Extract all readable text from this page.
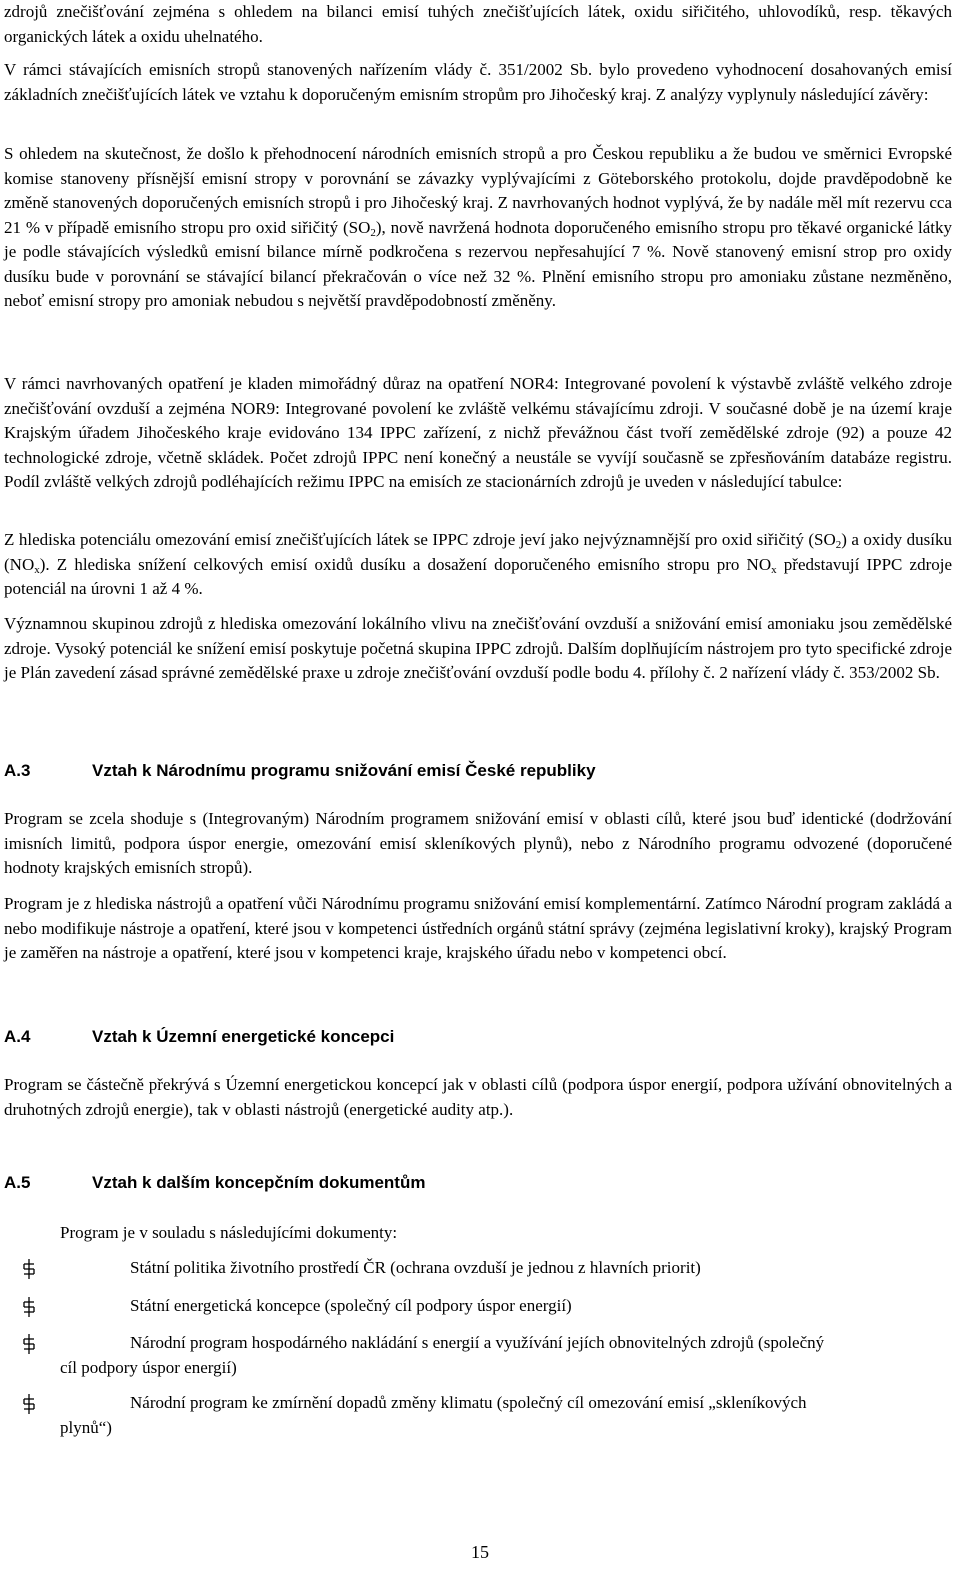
zdrojů znečišťování zejména s ohledem na bilanci emisí tuhých znečišťujících látek, oxidu siřičitého, uhlovodíků, resp. těkavých organických látek a oxidu uhelnatého.

V rámci stávajících emisních stropů stanovených nařízením vlády č. 351/2002 Sb. bylo provedeno vyhodnocení dosahovaných emisí základních znečišťujících látek ve vztahu k doporučeným emisním stropům pro Jihočeský kraj. Z analýzy vyplynuly následující závěry:

S ohledem na skutečnost, že došlo k přehodnocení národních emisních stropů a pro Českou republiku a že budou ve směrnici Evropské komise stanoveny přísnější emisní stropy v porovnání se závazky vyplývajícími z Göteborského protokolu, dojde pravděpodobně ke změně stanovených doporučených emisních stropů i pro Jihočeský kraj. Z navrhovaných hodnot vyplývá, že by nadále měl mít rezervu cca 21 % v případě emisního stropu pro oxid siřičitý $(SO_2)$, nově navržená hodnota doporučeného emisního stropu pro těkavé organické látky je podle stávajících výsledků emisní bilance mírně podkročena s rezervou nepřesahující 7 %. Nově stanovený emisní strop pro oxidy dusíku bude v porovnání se stávající bilancí překračován o více než 32 %. Plnění emisního stropu pro amoniaku zůstane nezměněno, neboť emisní stropy pro amoniak nebudou s největší pravděpodobností změněny.

V rámci navrhovaných opatření je kladen mimořádný důraz na opatření NOR4: Integrované povolení k výstavbě zvláště velkého zdroje znečišťování ovzduší a zejména NOR9: Integrované povolení ke zvláště velkému stávajícímu zdroji. V současné době je na území kraje Krajským úřadem Jihočeského kraje evidováno 134 IPPC zařízení, z nichž převážnou část tvoří zemědělské zdroje (92) a pouze 42 technologické zdroje, včetně skládek. Počet zdrojů IPPC není konečný a neustále se vyvíjí současně se zpřesňováním databáze registru. Podíl zvláště velkých zdrojů podléhajících režimu IPPC na emisích ze stacionárních zdrojů je uveden v následující tabulce:

Z hlediska potenciálu omezování emisí znečišťujících látek se IPPC zdroje jeví jako nejvýznamnější pro oxid siřičitý $(SO_2)$ a oxidy dusíku $(NO_x)$. Z hlediska snížení celkových emisí oxidů dusíku a dosažení doporučeného emisního stropu pro $NO_x$ představují IPPC zdroje potenciál na úrovni 1 až 4 %.

Významnou skupinou zdrojů z hlediska omezování lokálního vlivu na znečišťování ovzduší a snižování emisí amoniaku jsou zemědělské zdroje. Vysoký potenciál ke snížení emisí poskytuje početná skupina IPPC zdrojů. Dalším doplňujícím nástrojem pro tyto specifické zdroje je Plán zavedení zásad správné zemědělské praxe u zdroje znečišťování ovzduší podle bodu 4. přílohy č. 2 nařízení vlády č. 353/2002 Sb.

A.3	Vztah k Národnímu programu snižování emisí České republiky

Program se zcela shoduje s (Integrovaným) Národním programem snižování emisí v oblasti cílů, které jsou buď identické (dodržování imisních limitů, podpora úspor energie, omezování emisí skleníkových plynů), nebo z Národního programu odvozené (doporučené hodnoty krajských emisních stropů).

Program je z hlediska nástrojů a opatření vůči Národnímu programu snižování emisí komplementární. Zatímco Národní program zakládá a nebo modifikuje nástroje a opatření, které jsou v kompetenci ústředních orgánů státní správy (zejména legislativní kroky), krajský Program je zaměřen na nástroje a opatření, které jsou v kompetenci kraje, krajského úřadu nebo v kompetenci obcí.

A.4	Vztah k Územní energetické koncepci

Program se částečně překrývá s Územní energetickou koncepcí jak v oblasti cílů (podpora úspor energií, podpora užívání obnovitelných a druhotných zdrojů energie), tak v oblasti nástrojů (energetické audity atp.).

A.5	Vztah k dalším koncepčním dokumentům
Program je v souladu s následujícími dokumenty:
Státní politika životního prostředí ČR (ochrana ovzduší je jednou z hlavních priorit)
Státní energetická koncepce (společný cíl podpory úspor energií)
Národní program hospodárného nakládání s energií a využívání jejích obnovitelných zdrojů (společný cíl podpory úspor energií)
Národní program ke zmírnění dopadů změny klimatu (společný cíl omezování emisí „skleníkových plynů“)
15
